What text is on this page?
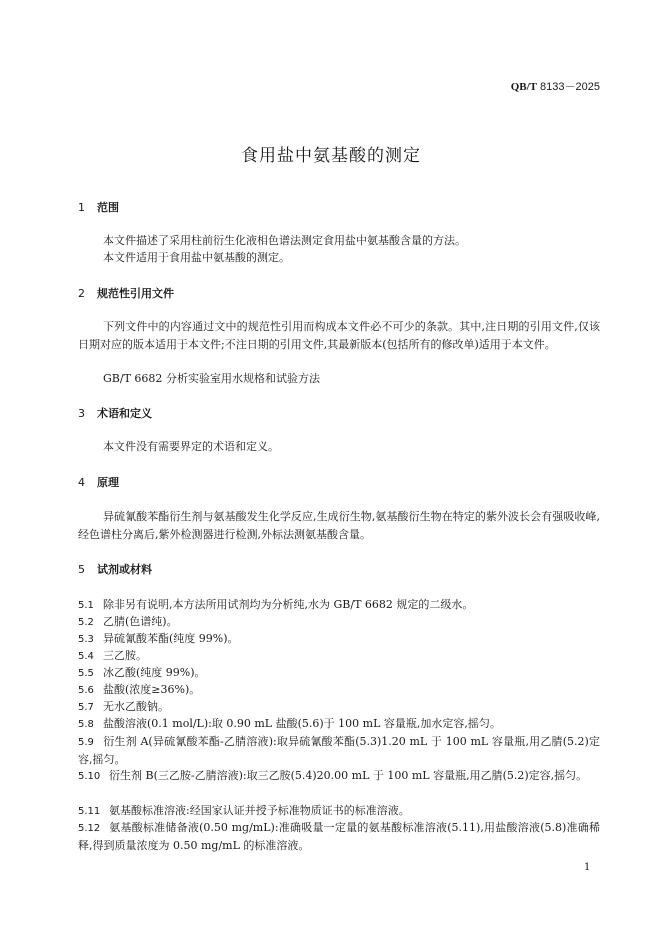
QB/T 8133－2025
食用盐中氨基酸的测定
1 范围
本文件描述了采用柱前衍生化液相色谱法测定食用盐中氨基酸含量的方法。
本文件适用于食用盐中氨基酸的测定。
2 规范性引用文件
下列文件中的内容通过文中的规范性引用而构成本文件必不可少的条款。其中,注日期的引用文件,仅该日期对应的版本适用于本文件;不注日期的引用文件,其最新版本(包括所有的修改单)适用于本文件。
GB/T 6682 分析实验室用水规格和试验方法
3 术语和定义
本文件没有需要界定的术语和定义。
4 原理
异硫氰酸苯酯衍生剂与氨基酸发生化学反应,生成衍生物,氨基酸衍生物在特定的紫外波长会有强吸收峰,经色谱柱分离后,紫外检测器进行检测,外标法测氨基酸含量。
5 试剂或材料
5.1 除非另有说明,本方法所用试剂均为分析纯,水为 GB/T 6682 规定的二级水。
5.2 乙腈(色谱纯)。
5.3 异硫氰酸苯酯(纯度 99%)。
5.4 三乙胺。
5.5 冰乙酸(纯度 99%)。
5.6 盐酸(浓度≥36%)。
5.7 无水乙酸钠。
5.8 盐酸溶液(0.1 mol/L):取 0.90 mL 盐酸(5.6)于 100 mL 容量瓶,加水定容,摇匀。
5.9 衍生剂 A(异硫氰酸苯酯-乙腈溶液):取异硫氰酸苯酯(5.3)1.20 mL 于 100 mL 容量瓶,用乙腈(5.2)定容,摇匀。
5.10 衍生剂 B(三乙胺-乙腈溶液):取三乙胺(5.4)20.00 mL 于 100 mL 容量瓶,用乙腈(5.2)定容,摇匀。
5.11 氨基酸标准溶液:经国家认证并授予标准物质证书的标准溶液。
5.12 氨基酸标准储备液(0.50 mg/mL):准确吸量一定量的氨基酸标准溶液(5.11),用盐酸溶液(5.8)准确稀释,得到质量浓度为 0.50 mg/mL 的标准溶液。
1
